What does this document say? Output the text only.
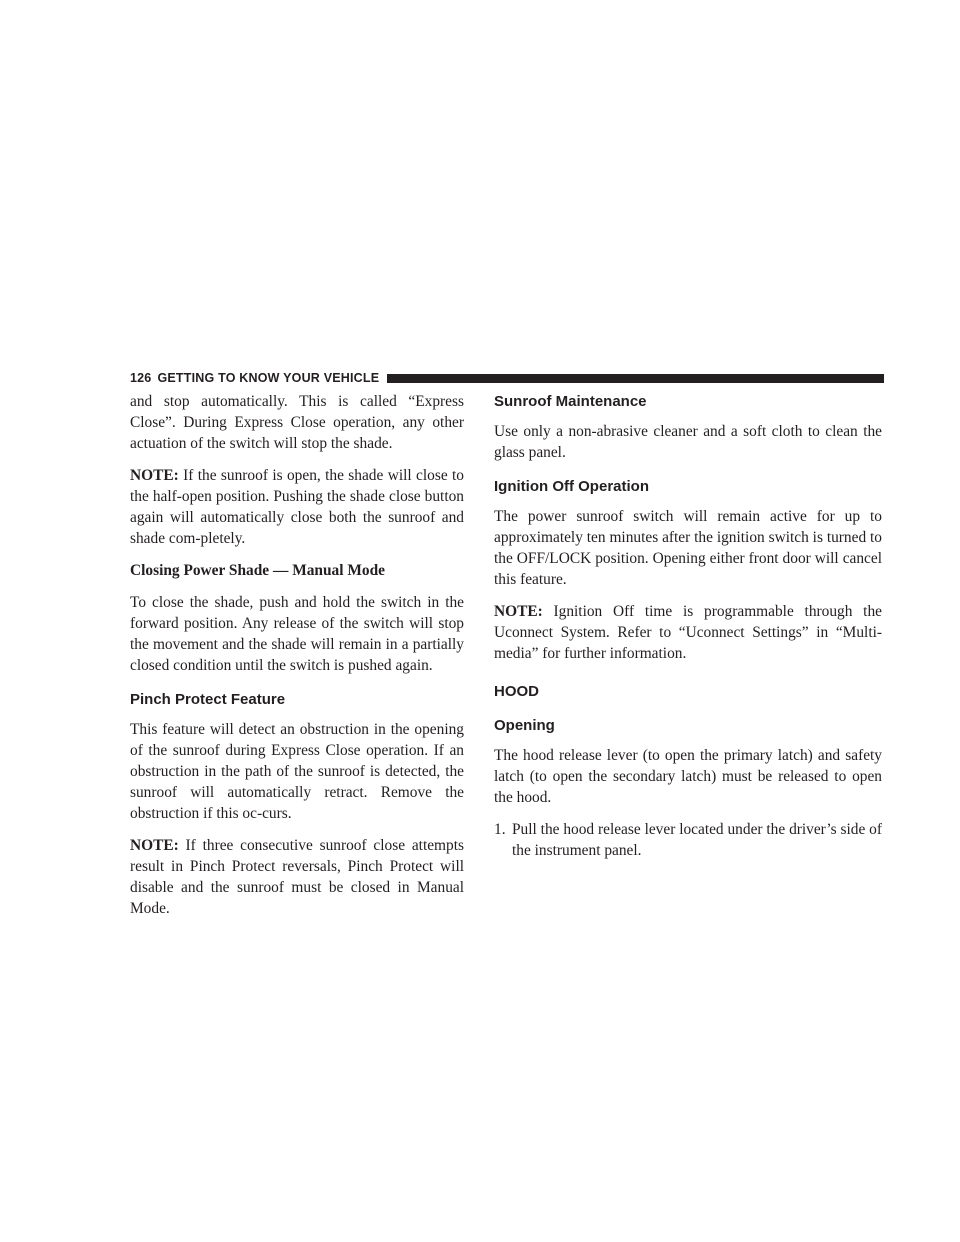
126 GETTING TO KNOW YOUR VEHICLE

and stop automatically. This is called “Express Close”. During Express Close operation, any other actuation of the switch will stop the shade.

NOTE: If the sunroof is open, the shade will close to the half-open position. Pushing the shade close button again will automatically close both the sunroof and shade com-pletely.

Closing Power Shade — Manual Mode

To close the shade, push and hold the switch in the forward position. Any release of the switch will stop the movement and the shade will remain in a partially closed condition until the switch is pushed again.

Pinch Protect Feature

This feature will detect an obstruction in the opening of the sunroof during Express Close operation. If an obstruction in the path of the sunroof is detected, the sunroof will automatically retract. Remove the obstruction if this oc-curs.

NOTE: If three consecutive sunroof close attempts result in Pinch Protect reversals, Pinch Protect will disable and the sunroof must be closed in Manual Mode.

Sunroof Maintenance

Use only a non-abrasive cleaner and a soft cloth to clean the glass panel.

Ignition Off Operation

The power sunroof switch will remain active for up to approximately ten minutes after the ignition switch is turned to the OFF/LOCK position. Opening either front door will cancel this feature.

NOTE: Ignition Off time is programmable through the Uconnect System. Refer to “Uconnect Settings” in “Multi-media” for further information.

HOOD
Opening

The hood release lever (to open the primary latch) and safety latch (to open the secondary latch) must be released to open the hood.

1. Pull the hood release lever located under the driver’s side of the instrument panel.
